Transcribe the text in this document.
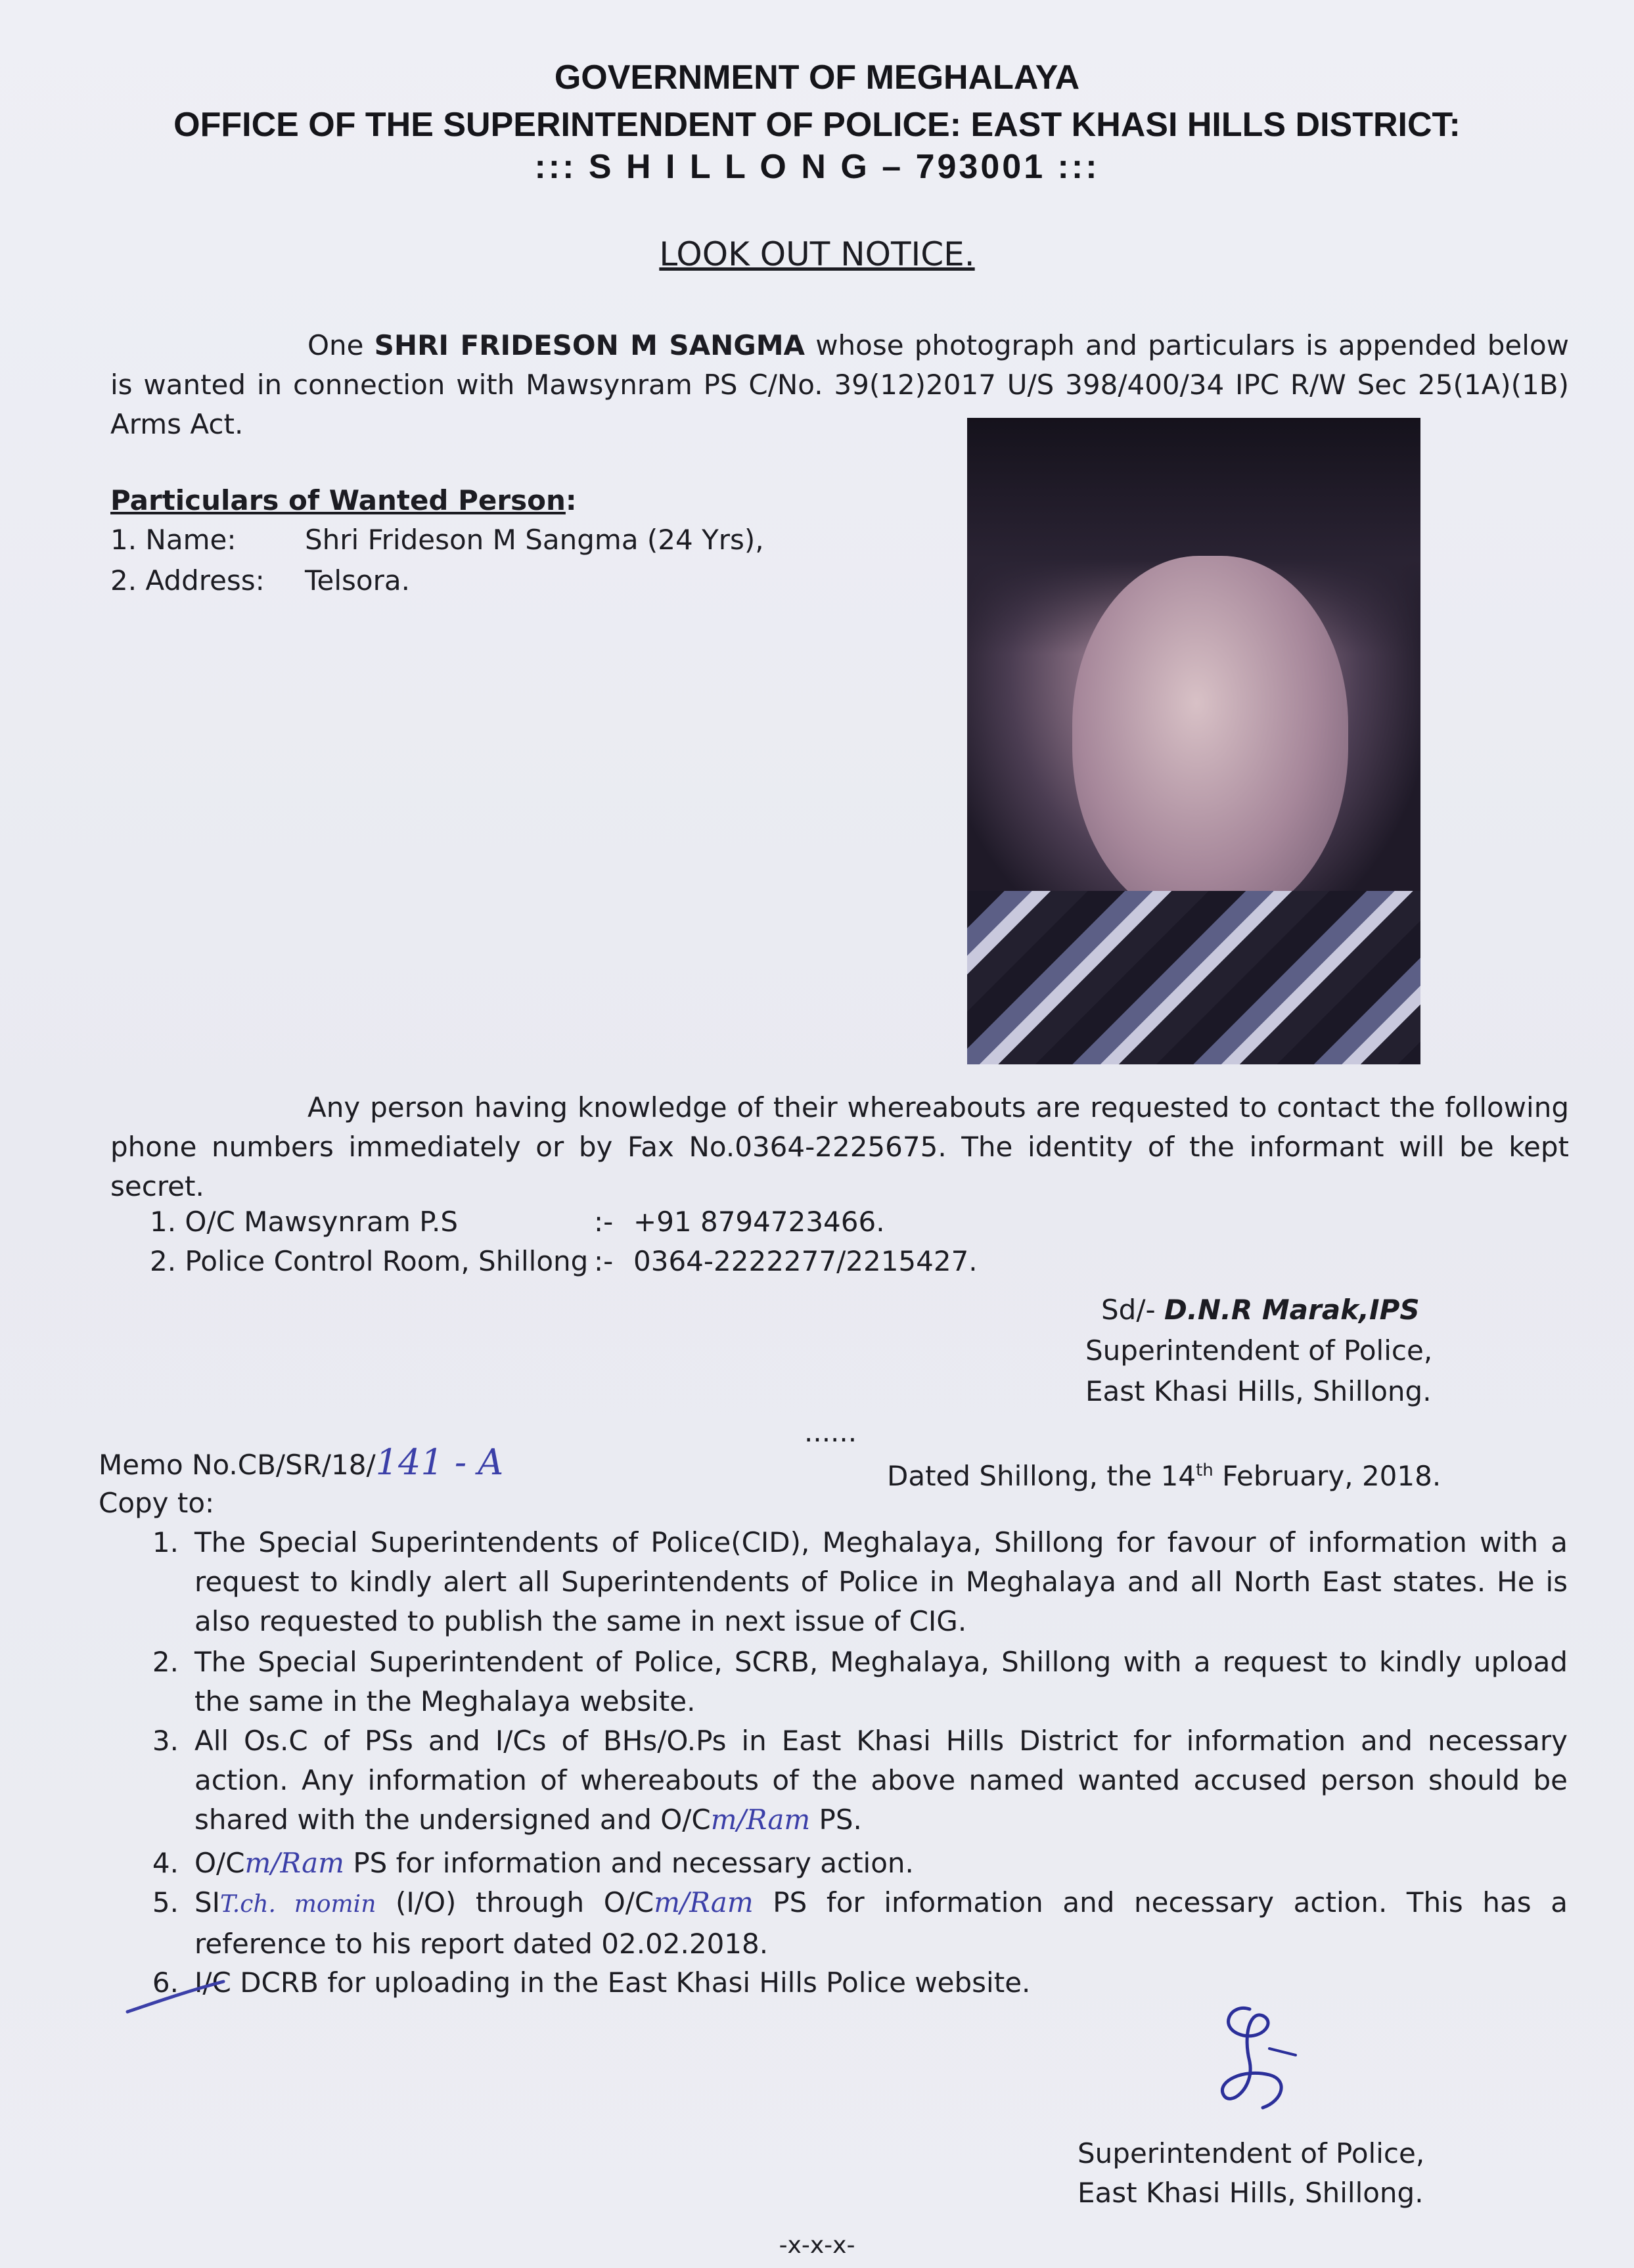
GOVERNMENT OF MEGHALAYA
OFFICE OF THE SUPERINTENDENT OF POLICE: EAST KHASI HILLS DISTRICT:
::: S H I L L O N G – 793001 :::
LOOK OUT NOTICE.
One SHRI FRIDESON M SANGMA whose photograph and particulars is appended below is wanted in connection with Mawsynram PS C/No. 39(12)2017 U/S 398/400/34 IPC R/W Sec 25(1A)(1B) Arms Act.
Particulars of Wanted Person:
1. Name: Shri Frideson M Sangma (24 Yrs),
2. Address: Telsora.
Any person having knowledge of their whereabouts are requested to contact the following phone numbers immediately or by Fax No.0364-2225675. The identity of the informant will be kept secret.
1. O/C Mawsynram P.S	:- +91 8794723466.
2. Police Control Room, Shillong :- 0364-2222277/2215427.
Sd/- D.N.R Marak,IPS
Superintendent of Police,
East Khasi Hills, Shillong.
......
Memo No.CB/SR/18/141 - A	Dated Shillong, the 14th February, 2018.
Copy to:
1. The Special Superintendents of Police(CID), Meghalaya, Shillong for favour of information with a request to kindly alert all Superintendents of Police in Meghalaya and all North East states. He is also requested to publish the same in next issue of CIG.
2. The Special Superintendent of Police, SCRB, Meghalaya, Shillong with a request to kindly upload the same in the Meghalaya website.
3. All Os.C of PSs and I/Cs of BHs/O.Ps in East Khasi Hills District for information and necessary action. Any information of whereabouts of the above named wanted accused person should be shared with the undersigned and O/Cm/Ram PS.
4. O/Cm/Ram PS for information and necessary action.
5. SIT.ch. momin (I/O) through O/Cm/Ram PS for information and necessary action. This has a reference to his report dated 02.02.2018.
6. I/C DCRB for uploading in the East Khasi Hills Police website.
Superintendent of Police,
East Khasi Hills, Shillong.
-x-x-x-
